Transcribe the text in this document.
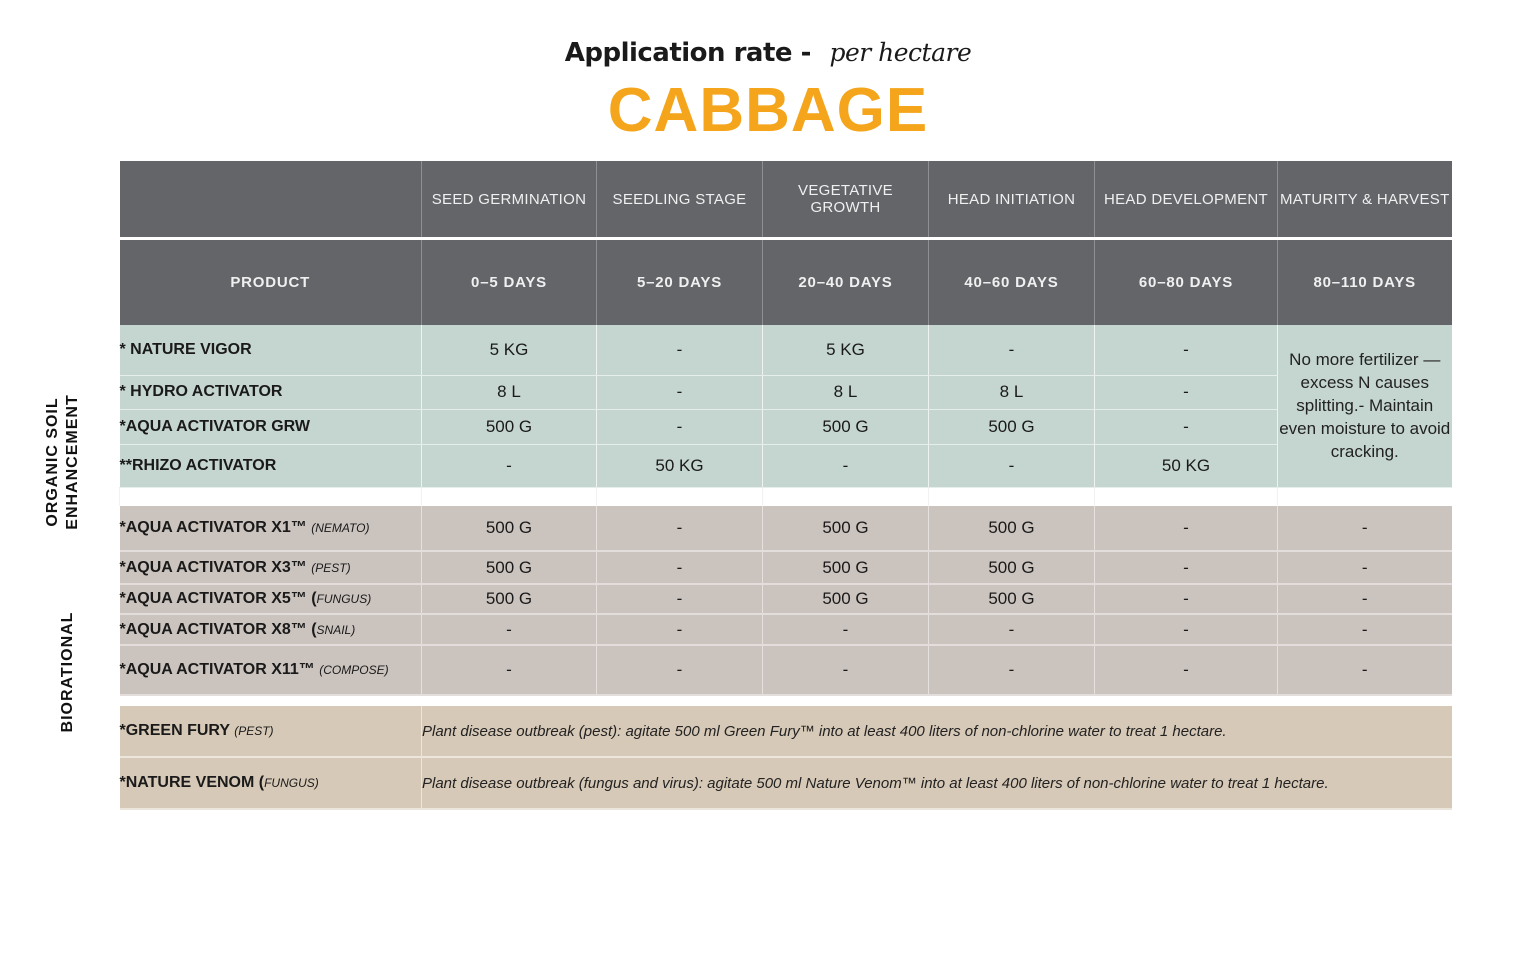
Application rate - per hectare
CABBAGE
ORGANIC SOIL ENHANCEMENT
BIORATIONAL
	SEED GERMINATION	SEEDLING STAGE	VEGETATIVE GROWTH	HEAD INITIATION	HEAD DEVELOPMENT	MATURITY & HARVEST

PRODUCT	0–5 DAYS	5–20 DAYS	20–40 DAYS	40–60 DAYS	60–80 DAYS	80–110 DAYS
* NATURE VIGOR	5 KG	-	5 KG	-	-	No more fertilizer — excess N causes splitting.- Maintain even moisture to avoid cracking.
* HYDRO ACTIVATOR	8 L	-	8 L	8 L	-	
*AQUA ACTIVATOR GRW	500 G	-	500 G	500 G	-	
**RHIZO ACTIVATOR	-	50 KG	-	-	50 KG	

*AQUA ACTIVATOR X1™ (NEMATO)	500 G	-	500 G	500 G	-	-
*AQUA ACTIVATOR X3™ (PEST)	500 G	-	500 G	500 G	-	-
*AQUA ACTIVATOR X5™ (FUNGUS)	500 G	-	500 G	500 G	-	-
*AQUA ACTIVATOR X8™ (SNAIL)	-	-	-	-	-	-
*AQUA ACTIVATOR X11™ (COMPOSE)	-	-	-	-	-	-

*GREEN FURY (PEST)	Plant disease outbreak (pest): agitate 500 ml Green Fury™ into at least 400 liters of non-chlorine water to treat 1 hectare.					
*NATURE VENOM (FUNGUS)	Plant disease outbreak (fungus and virus): agitate 500 ml Nature Venom™ into at least 400 liters of non-chlorine water to treat 1 hectare.					
